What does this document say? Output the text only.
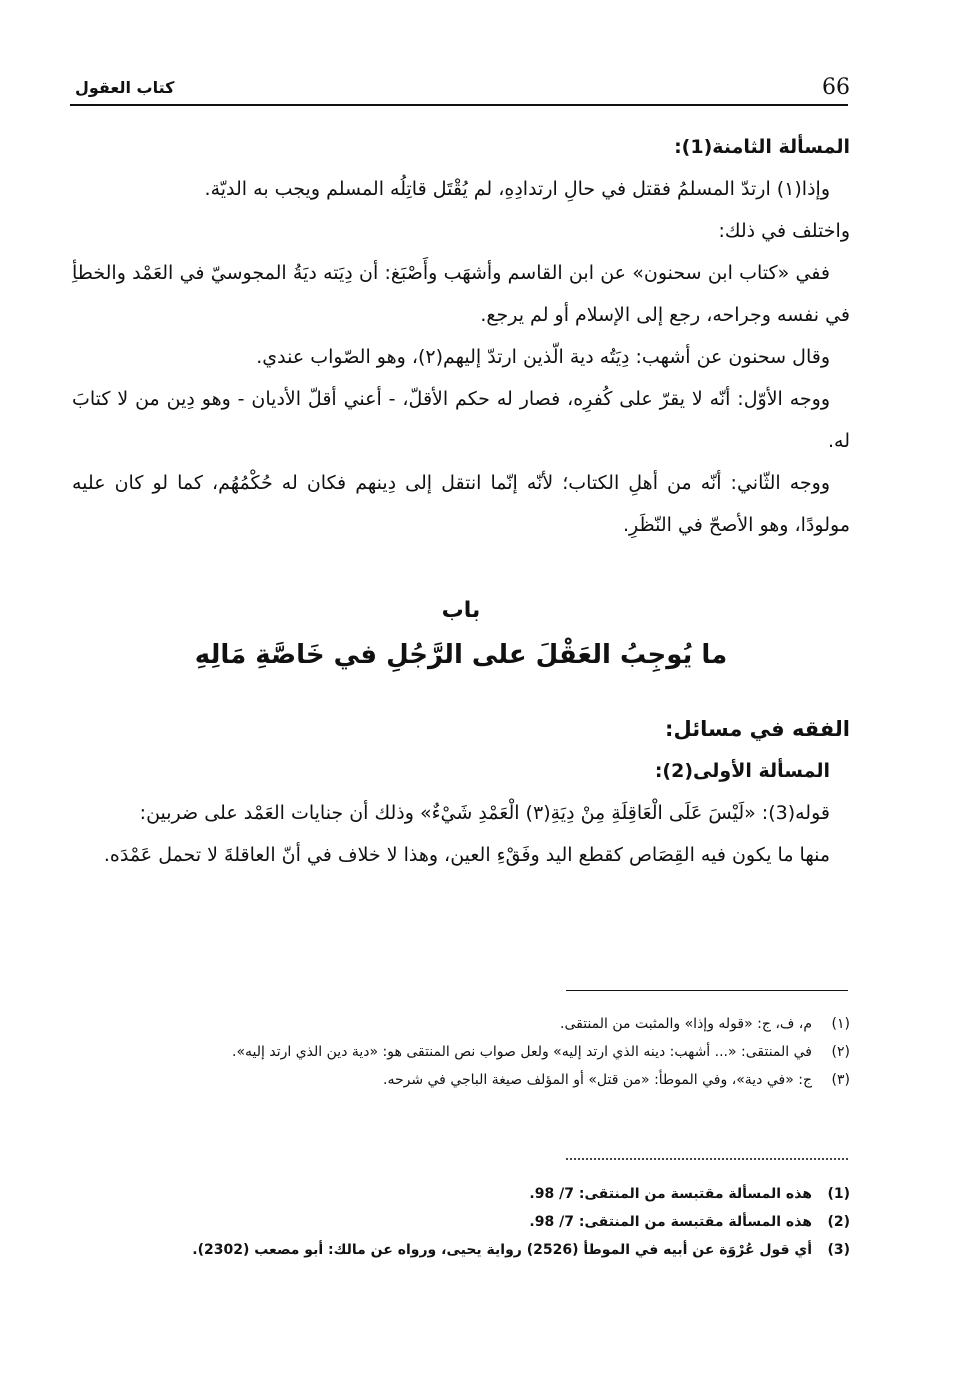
66
كتاب العقول

المسألة الثامنة(1):

وإذا(١) ارتدّ المسلمُ فقتل في حالِ ارتدادِهِ، لم يُقْتَل قاتِلُه المسلم ويجب به الديّة.

واختلف في ذلك:

ففي «كتاب ابن سحنون» عن ابن القاسم وأشهَب وأَصْبَغ: أن دِيَته ديَةُ المجوسيّ في العَمْد والخطأِ في نفسه وجراحه، رجع إلى الإسلام أو لم يرجع.

وقال سحنون عن أشهب: دِيَتُه دية الّذين ارتدّ إليهم(٢)، وهو الصّواب عندي.

ووجه الأوّل: أنّه لا يقرّ على كُفرِه، فصار له حكم الأقلّ، - أعني أقلّ الأديان - وهو دِين من لا كتابَ له.

ووجه الثّاني: أنّه من أهلِ الكتاب؛ لأنّه إنّما انتقل إلى دِينهم فكان له حُكْمُهُم، كما لو كان عليه مولودًا، وهو الأصحّ في النّظَرِ.

باب
ما يُوجِبُ العَقْلَ على الرَّجُلِ في خَاصَّةِ مَالِهِ

الفقه في مسائل:

المسألة الأولى(2):

قوله(3): «لَيْسَ عَلَى الْعَاقِلَةِ مِنْ دِيَةِ(٣) الْعَمْدِ شَيْءٌ» وذلك أن جنايات العَمْد على ضربين:

منها ما يكون فيه القِصَاص كقطع اليد وفَقْءِ العين، وهذا لا خلاف في أنّ العاقلةَ لا تحمل عَمْدَه.

(١)
م، ف، ج: «قوله وإذا» والمثبت من المنتقى.
(٢)
في المنتقى: «... أشهب: دينه الذي ارتد إليه» ولعل صواب نص المنتقى هو: «دية دين الذي ارتد إليه».
(٣)
ج: «في دية»، وفي الموطأ: «من قتل» أو المؤلف صيغة الباجي في شرحه.
(1)
هذه المسألة مقتبسة من المنتقى: 7/ 98.
(2)
هذه المسألة مقتبسة من المنتقى: 7/ 98.
(3)
أي قول عُرْوَة عن أبيه في الموطأ (2526) رواية يحيى، ورواه عن مالك: أبو مصعب (2302).
